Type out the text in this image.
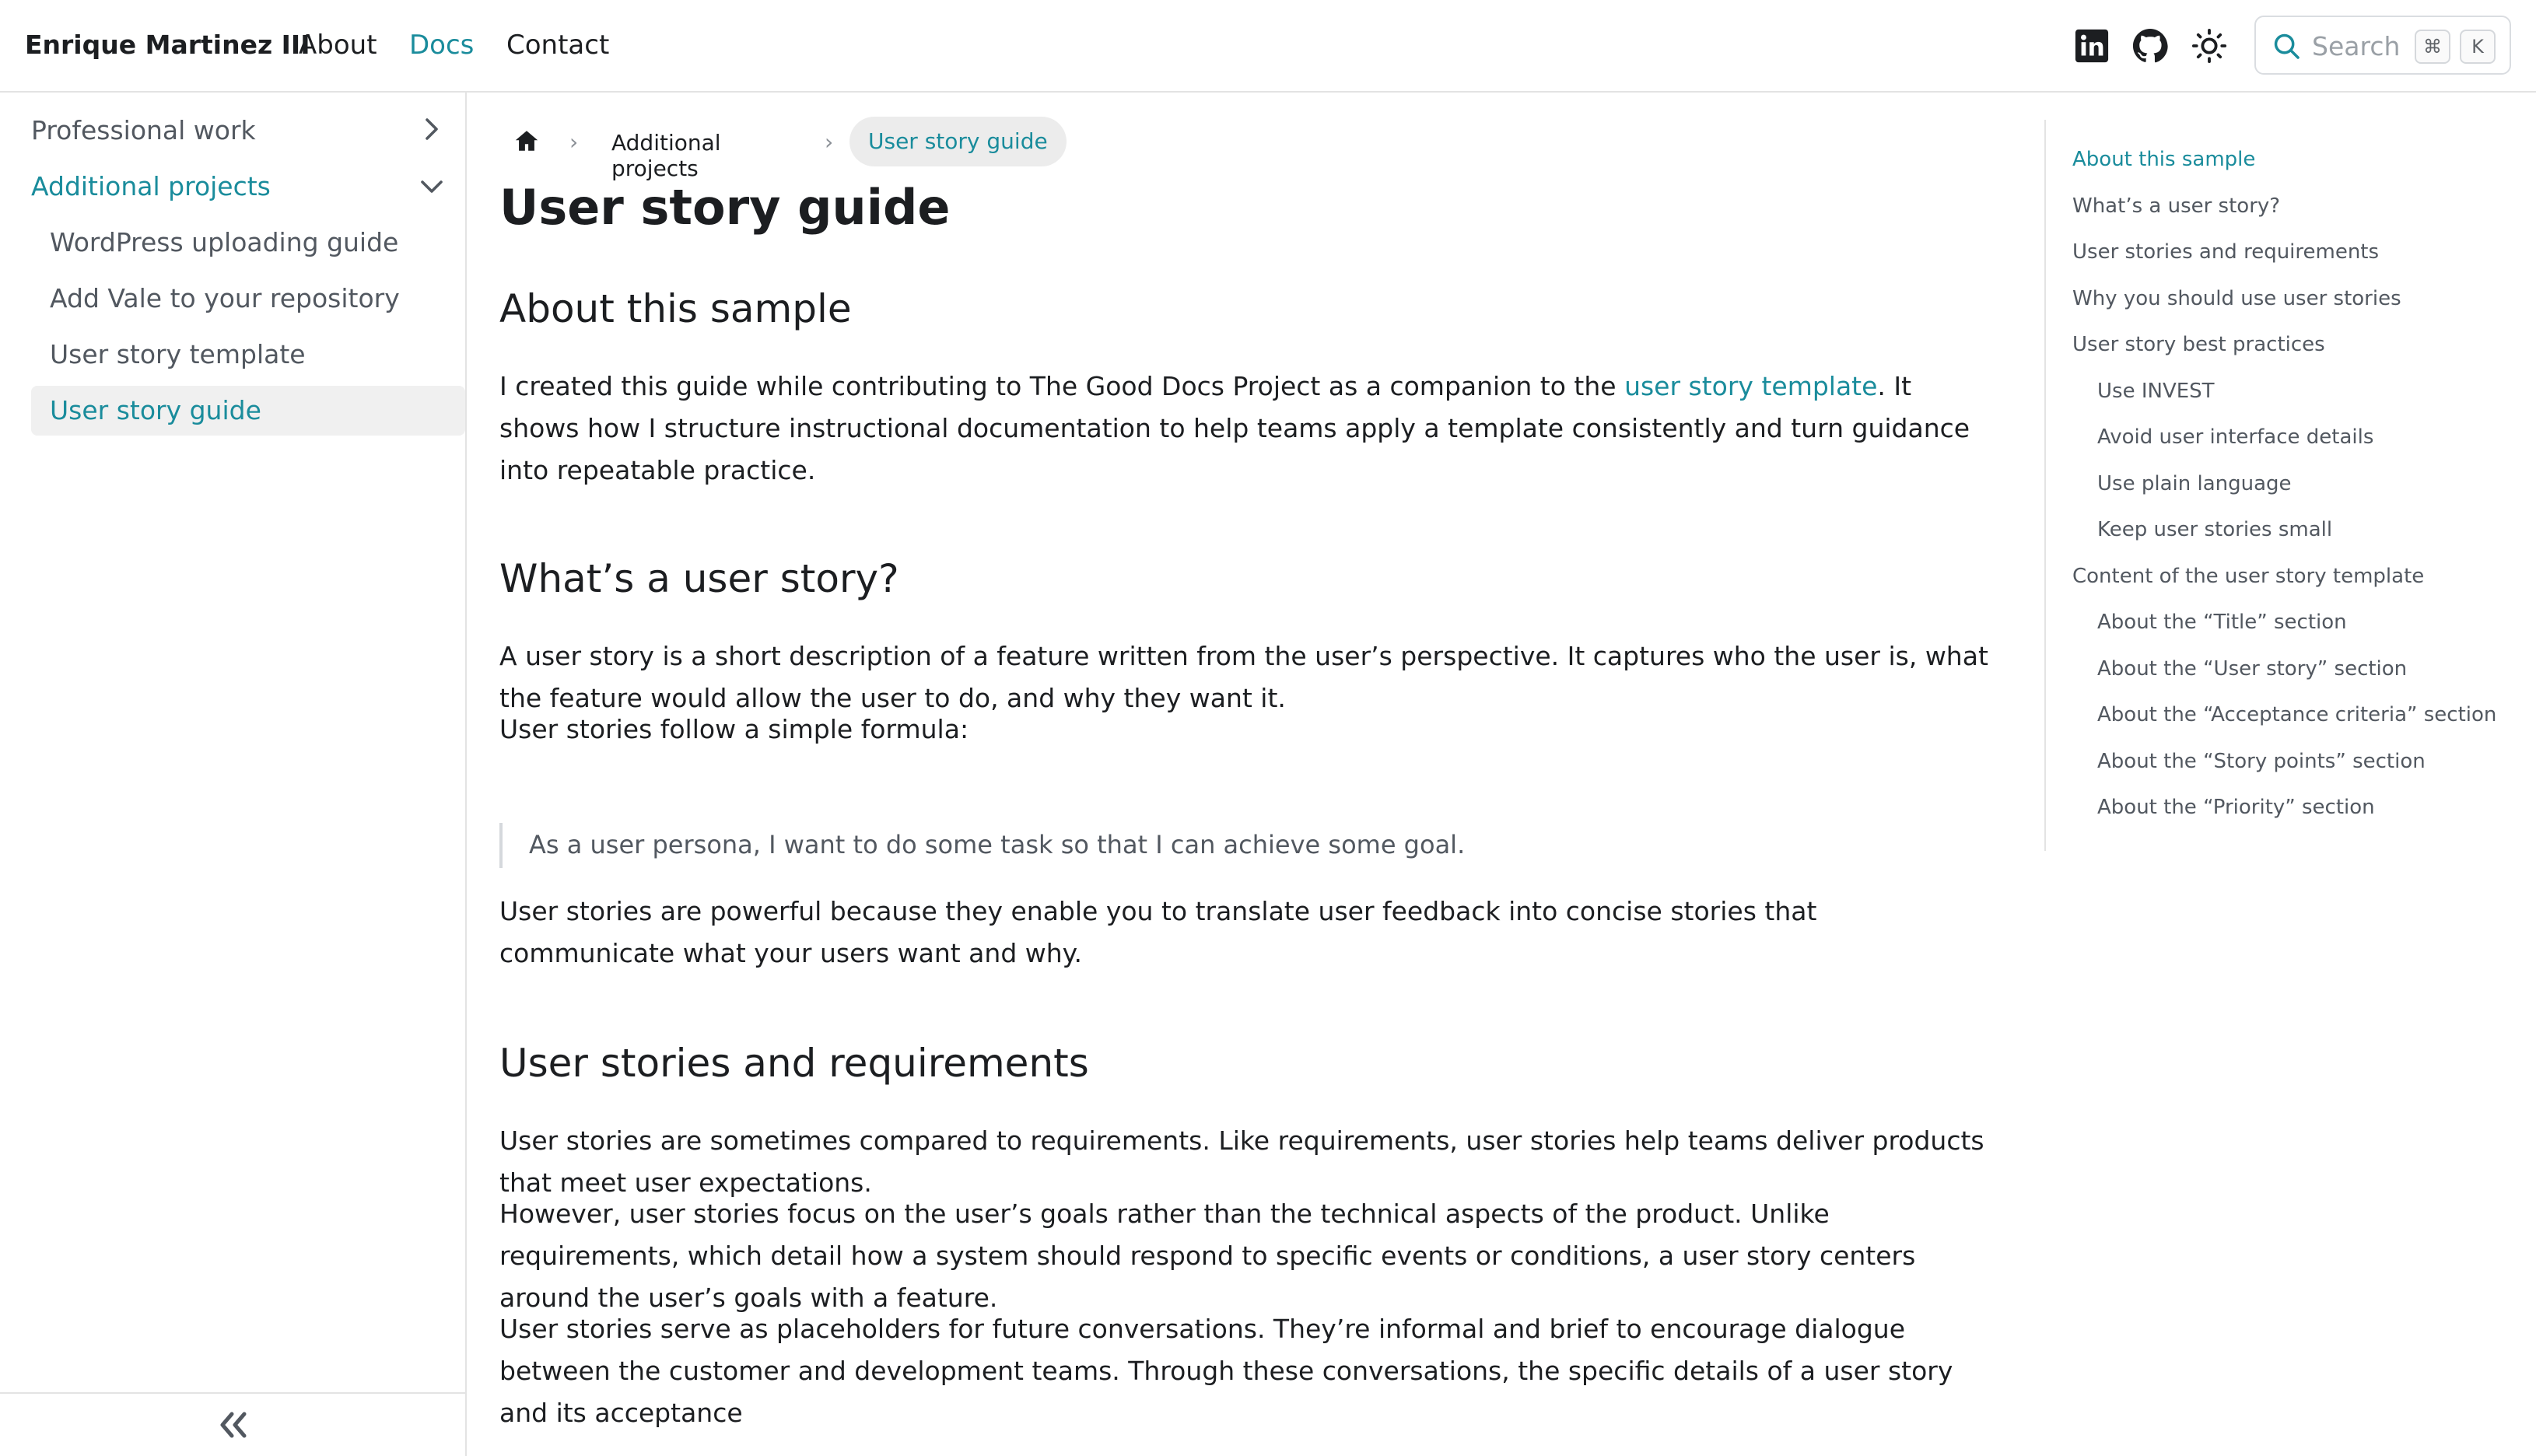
Enrique Martinez III
About Docs Contact	Search	⌘	K
Professional work
Additional projects
WordPress uploading guide
Add Vale to your repository
User story template
User story guide
› Additional projects
›	User story guide
User story guide
About this sample

I created this guide while contributing to The Good Docs Project as a companion to the user story template. It shows how I structure instructional documentation to help teams apply a template consistently and turn guidance into repeatable practice.

What’s a user story?

A user story is a short description of a feature written from the user’s perspective. It captures who the user is, what the feature would allow the user to do, and why they want it.

User stories follow a simple formula:

As a user persona, I want to do some task so that I can achieve some goal.

User stories are powerful because they enable you to translate user feedback into concise stories that communicate what your users want and why.

User stories and requirements

User stories are sometimes compared to requirements. Like requirements, user stories help teams deliver products that meet user expectations.

However, user stories focus on the user’s goals rather than the technical aspects of the product. Unlike requirements, which detail how a system should respond to specific events or conditions, a user story centers around the user’s goals with a feature.

User stories serve as placeholders for future conversations. They’re informal and brief to encourage dialogue between the customer and development teams. Through these conversations, the specific details of a user story and its acceptance

About this sample
What’s a user story?
User stories and requirements
Why you should use user stories
User story best practices
Use INVEST
Avoid user interface details
Use plain language
Keep user stories small
Content of the user story template
About the “Title” section
About the “User story” section
About the “Acceptance criteria” section
About the “Story points” section
About the “Priority” section
